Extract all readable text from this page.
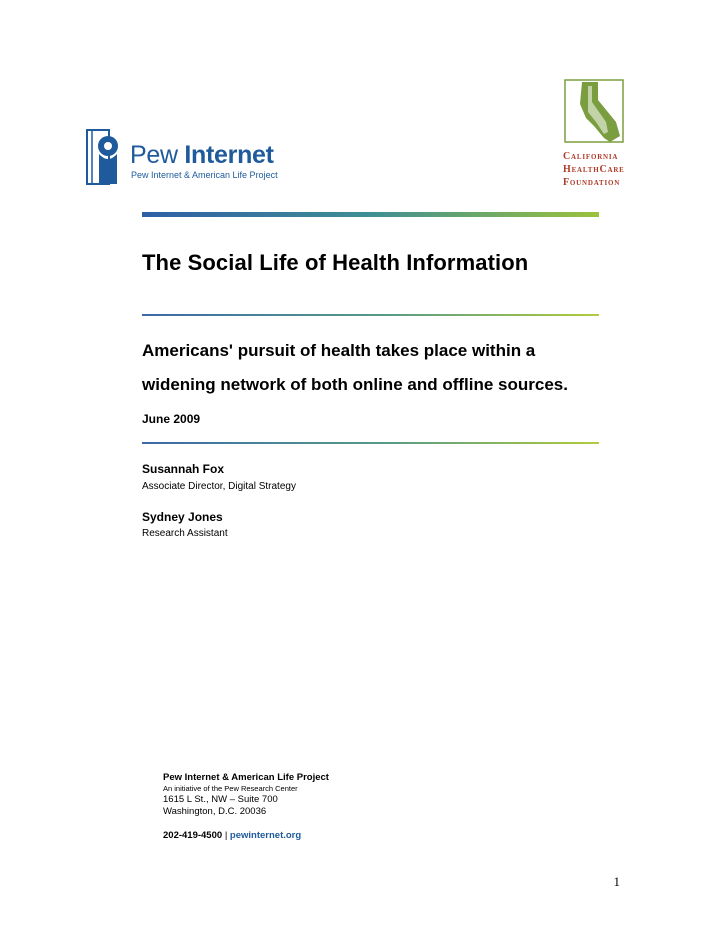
Pew Internet
Pew Internet & American Life Project
California
HealthCare
Foundation
The Social Life of Health Information
Americans' pursuit of health takes place within a widening network of both online and offline sources.
June 2009
Susannah Fox
Associate Director, Digital Strategy
Sydney Jones
Research Assistant
Pew Internet & American Life Project
An initiative of the Pew Research Center
1615 L St., NW – Suite 700
Washington, D.C. 20036
202-419-4500 | pewinternet.org
1
